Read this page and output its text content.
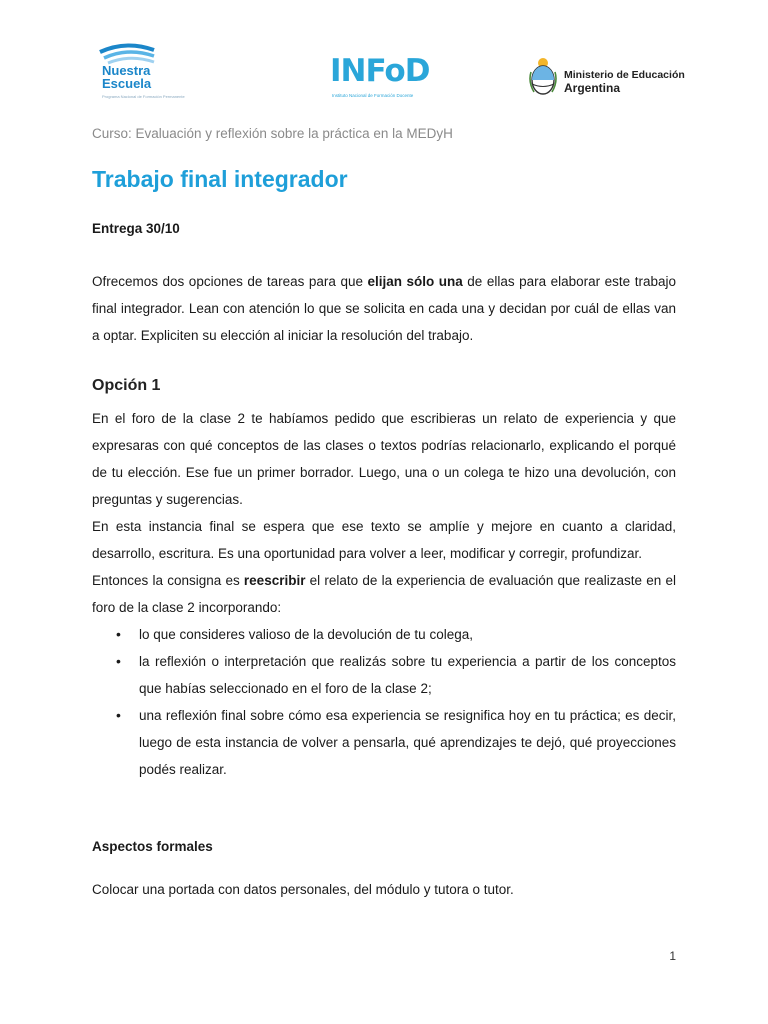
Nuestra
Escuela
Programa Nacional de Formación Permanente
INFoD
Instituto Nacional de Formación Docente
Ministerio de Educación
Argentina
Curso: Evaluación y reflexión sobre la práctica en la MEDyH
Trabajo final integrador
Entrega 30/10
Ofrecemos dos opciones de tareas para que elijan sólo una de ellas para elaborar este trabajo final integrador. Lean con atención lo que se solicita en cada una y decidan por cuál de ellas van a optar. Expliciten su elección al iniciar la resolución del trabajo.
Opción 1

En el foro de la clase 2 te habíamos pedido que escribieras un relato de experiencia y que expresaras con qué conceptos de las clases o textos podrías relacionarlo, explicando el porqué de tu elección. Ese fue un primer borrador. Luego, una o un colega te hizo una devolución, con preguntas y sugerencias.

En esta instancia final se espera que ese texto se amplíe y mejore en cuanto a claridad, desarrollo, escritura. Es una oportunidad para volver a leer, modificar y corregir, profundizar.

Entonces la consigna es reescribir el relato de la experiencia de evaluación que realizaste en el foro de la clase 2 incorporando:

• lo que consideres valioso de la devolución de tu colega,
• la reflexión o interpretación que realizás sobre tu experiencia a partir de los conceptos que habías seleccionado en el foro de la clase 2;
• una reflexión final sobre cómo esa experiencia se resignifica hoy en tu práctica; es decir, luego de esta instancia de volver a pensarla, qué aprendizajes te dejó, qué proyecciones podés realizar.
Aspectos formales
Colocar una portada con datos personales, del módulo y tutora o tutor.
1
